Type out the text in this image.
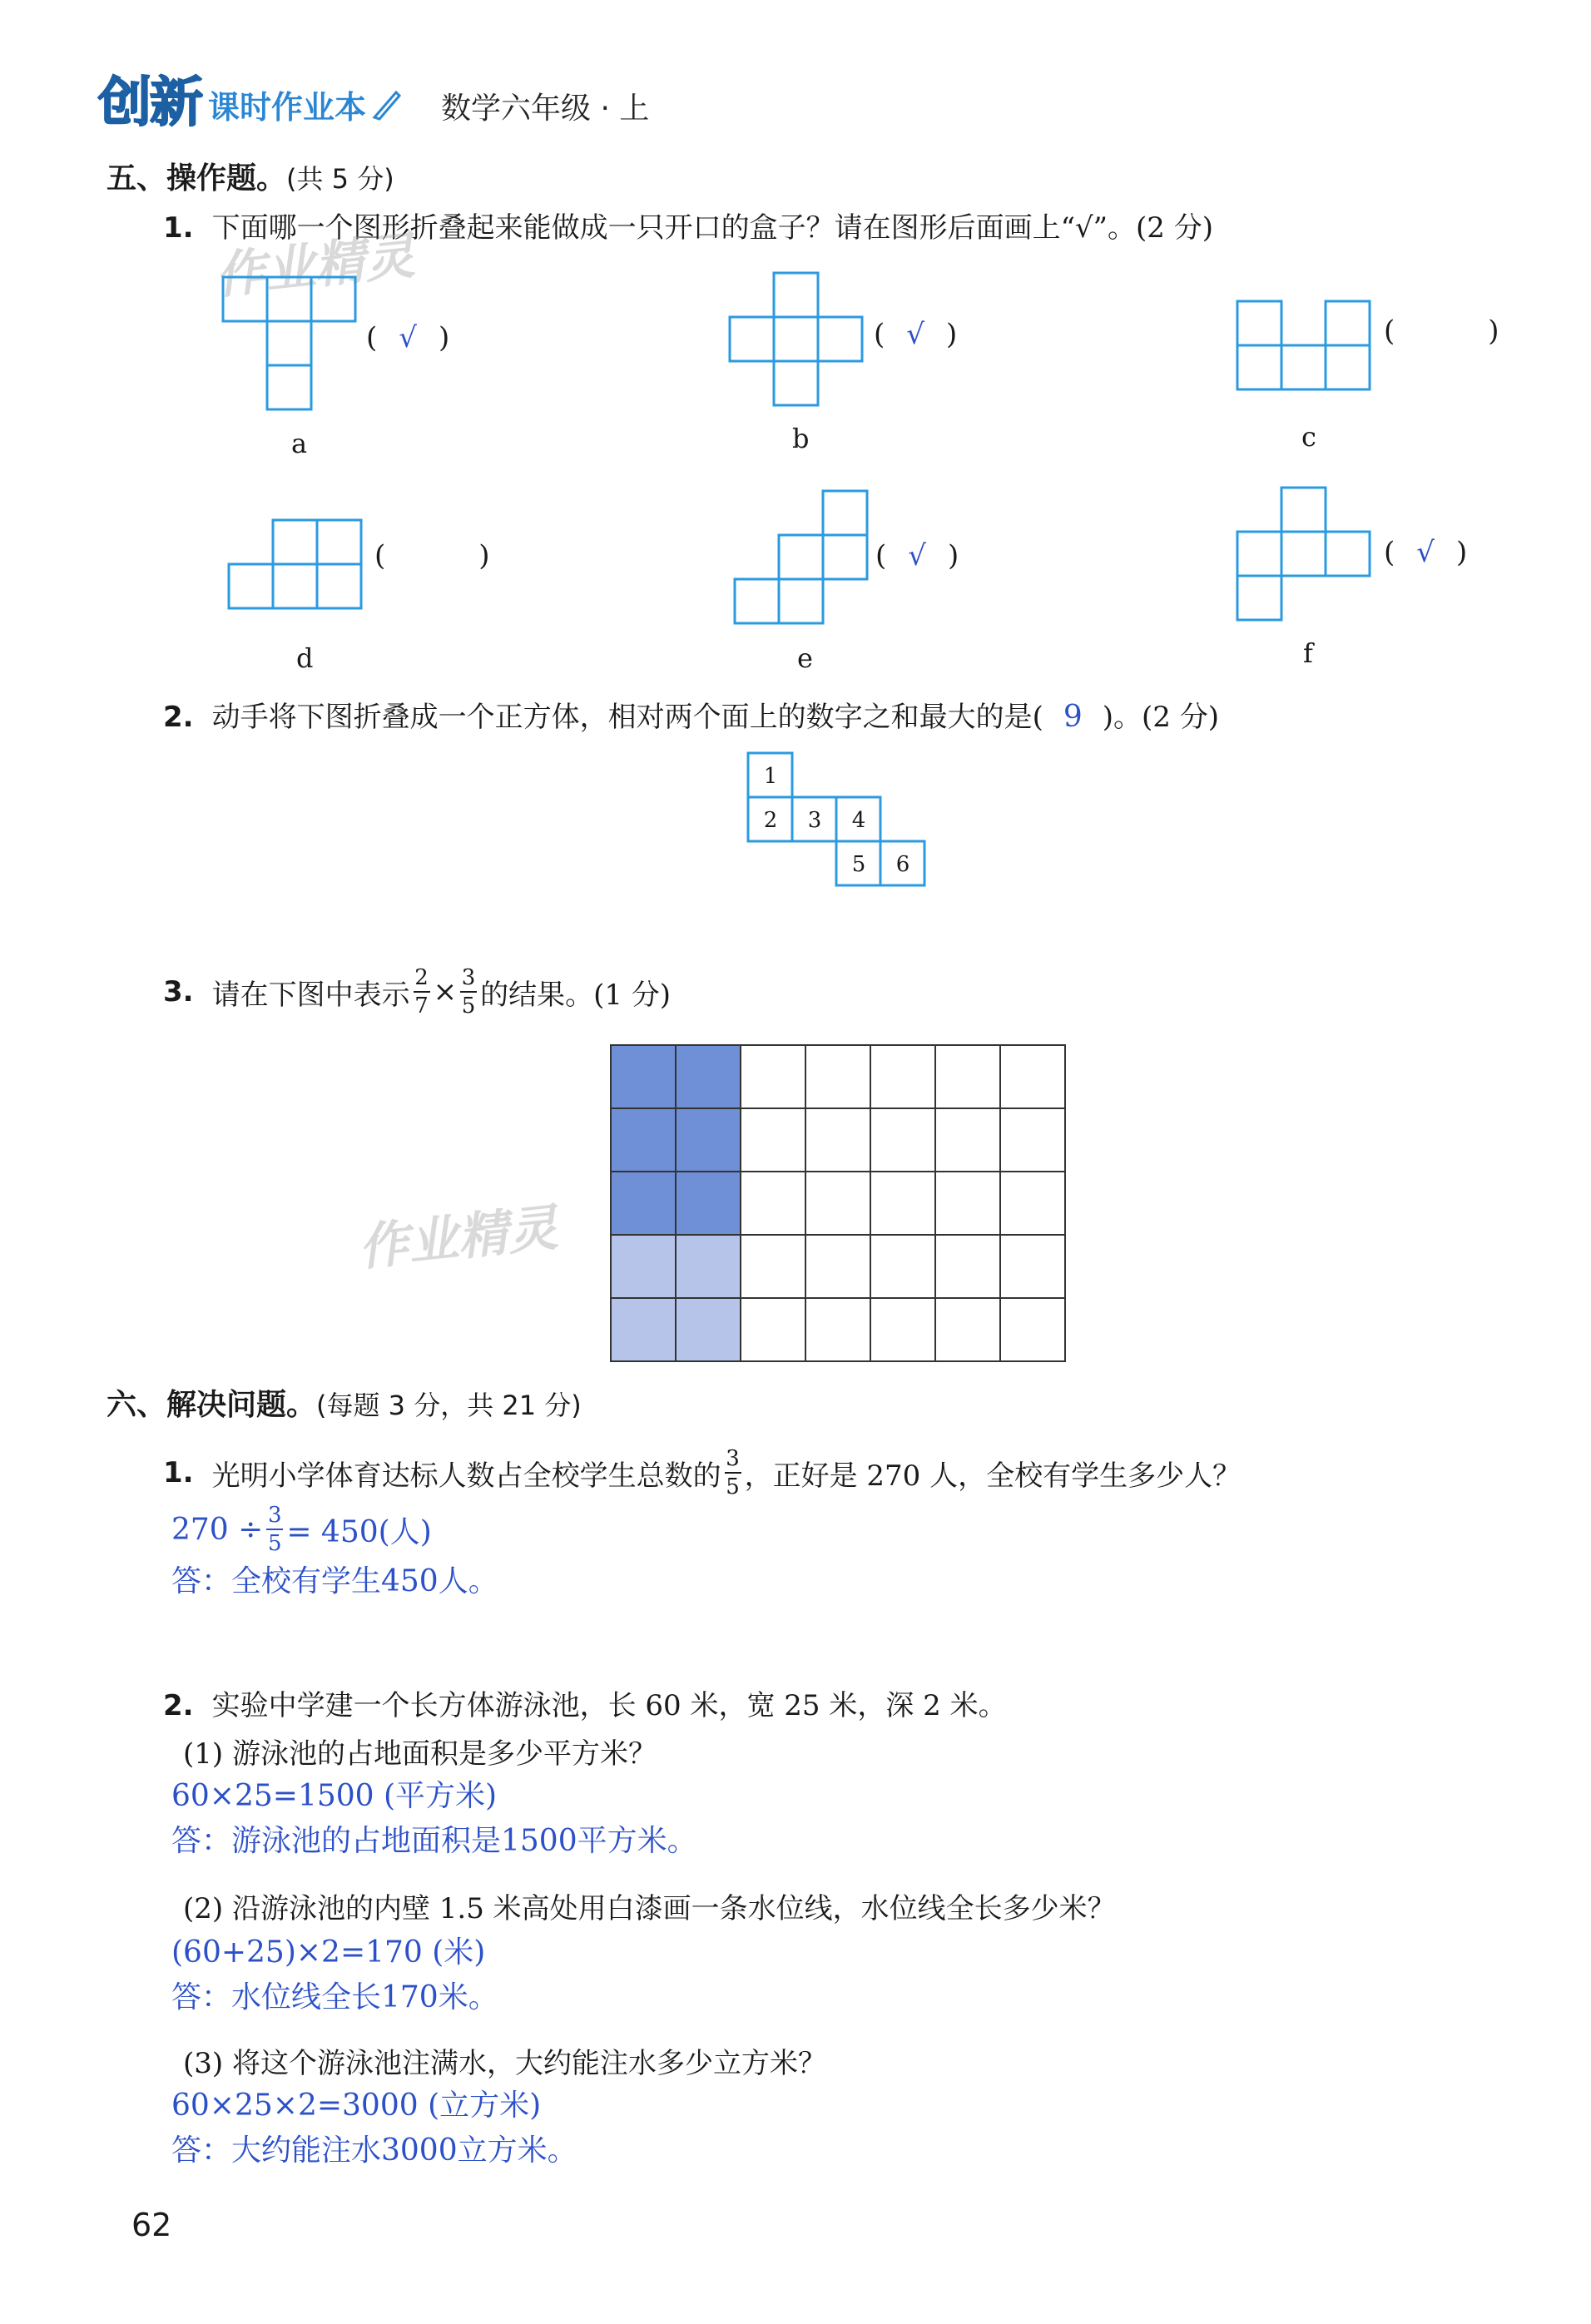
创新 课时作业本 数学六年级 · 上
五、操作题。(共 5 分)
1. 下面哪一个图形折叠起来能做成一只开口的盒子？请在图形后面画上“√”。(2 分)
作业精灵
( √ )
a
( √ )
b
(	)
c
(	)
d
( √ )
e
( √ )
f
2. 动手将下图折叠成一个正方体，相对两个面上的数字之和最大的是( 9 )。(2 分)
1
2 3 4
5 6
3. 请在下图中表示 $\frac{2}{7} \times \frac{3}{5}$ 的结果。(1 分)
作业精灵
六、解决问题。(每题 3 分，共 21 分)
1. 光明小学体育达标人数占全校学生总数的 $\frac{3}{5}$ ，正好是 270 人，全校有学生多少人？
$270 \div \frac{3}{5} = 450$(人)
答：全校有学生450人。
2. 实验中学建一个长方体游泳池，长 60 米，宽 25 米，深 2 米。
(1) 游泳池的占地面积是多少平方米？
60×25=1500 (平方米)
答：游泳池的占地面积是1500平方米。
(2) 沿游泳池的内壁 1.5 米高处用白漆画一条水位线，水位线全长多少米？
(60+25)×2=170 (米)
答：水位线全长170米。
(3) 将这个游泳池注满水，大约能注水多少立方米？
60×25×2=3000 (立方米)
答：大约能注水3000立方米。
62
